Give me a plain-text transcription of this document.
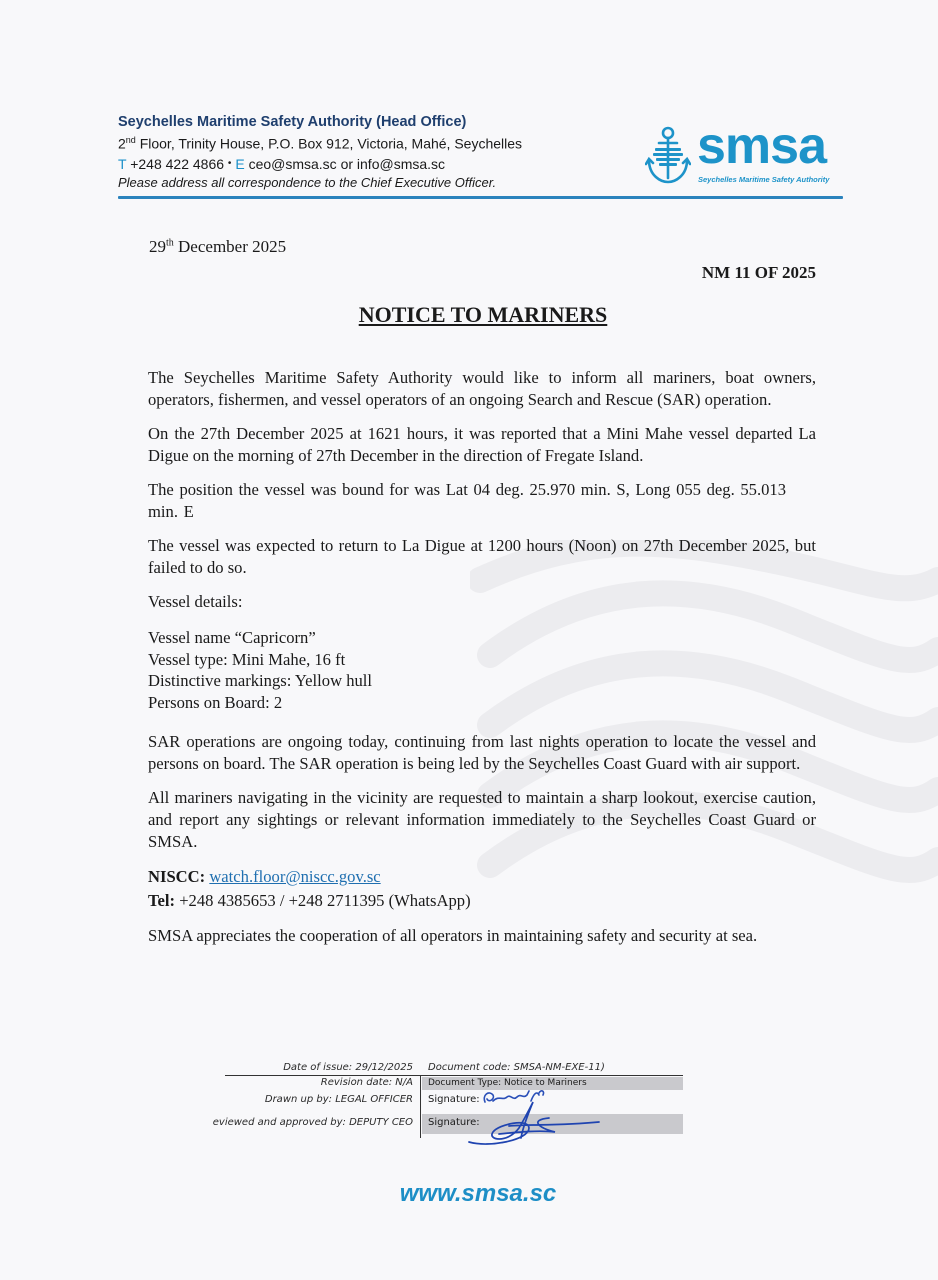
Seychelles Maritime Safety Authority (Head Office)
2nd Floor, Trinity House, P.O. Box 912, Victoria, Mahé, Seychelles
T +248 422 4866 • E ceo@smsa.sc or info@smsa.sc
Please address all correspondence to the Chief Executive Officer.
smsa
Seychelles Maritime Safety Authority
29th December 2025
NM 11 OF 2025
NOTICE TO MARINERS

The Seychelles Maritime Safety Authority would like to inform all mariners, boat owners, operators, fishermen, and vessel operators of an ongoing Search and Rescue (SAR) operation.

On the 27th December 2025 at 1621 hours, it was reported that a Mini Mahe vessel departed La Digue on the morning of 27th December in the direction of Fregate Island.

The position the vessel was bound for was Lat 04 deg. 25.970 min. S, Long 055 deg. 55.013 min. E

The vessel was expected to return to La Digue at 1200 hours (Noon) on 27th December 2025, but failed to do so.

Vessel details:

Vessel name “Capricorn”
Vessel type: Mini Mahe, 16 ft
Distinctive markings: Yellow hull
Persons on Board: 2

SAR operations are ongoing today, continuing from last nights operation to locate the vessel and persons on board. The SAR operation is being led by the Seychelles Coast Guard with air support.

All mariners navigating in the vicinity are requested to maintain a sharp lookout, exercise caution, and report any sightings or relevant information immediately to the Seychelles Coast Guard or SMSA.

NISCC: watch.floor@niscc.gov.sc
Tel: +248 4385653 / +248 2711395 (WhatsApp)

SMSA appreciates the cooperation of all operators in maintaining safety and security at sea.

Date of issue: 29/12/2025 Document code: SMSA-NM-EXE-11)
Revision date: N/A Document Type: Notice to Mariners
Drawn up by: LEGAL OFFICER Signature:
eviewed and approved by: DEPUTY CEO Signature:
www.smsa.sc
